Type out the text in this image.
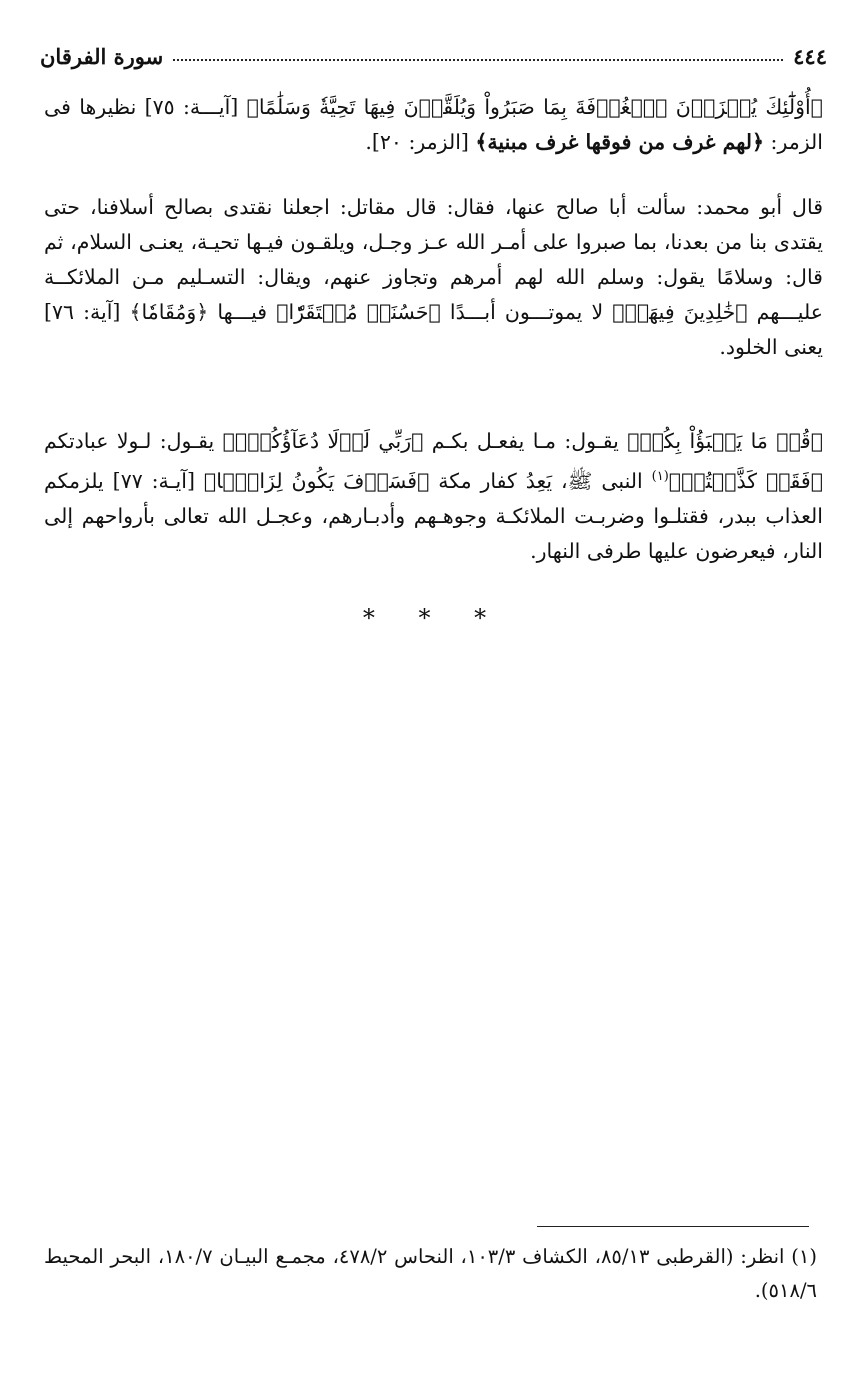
٤٤٤
سورة الفرقان

﴿أُوْلَٰٓئِكَ يُجۡزَوۡنَ ٱلۡغُرۡفَةَ بِمَا صَبَرُواْ وَيُلَقَّوۡنَ فِيهَا تَحِيَّةٗ وَسَلَٰمًا﴾ [آيـــة: ٧٥] نظيرها فى الزمر: ﴿لهم غرف من فوقها غرف مبنية﴾ [الزمر: ٢٠].

قال أبو محمد: سألت أبا صالح عنها، فقال: قال مقاتل: اجعلنا نقتدى بصالح أسلافنا، حتى يقتدى بنا من بعدنا، بما صبروا على أمـر الله عـز وجـل، ويلقـون فيـها تحيـة، يعنـى السلام، ثم قال: وسلامًا يقول: وسلم الله لهم أمرهم وتجاوز عنهم، ويقال: التسـليم مـن الملائكــة عليـــهم ﴿خَٰلِدِينَ فِيهَاۚ﴾ لا يموتـــون أبـــدًا ﴿حَسُنَتۡ مُسۡتَقَرّٗا﴾ فيـــها ﴿وَمُقَامٗا﴾ [آية: ٧٦] يعنى الخلود.

﴿قُلۡ مَا يَعۡبَؤُاْ بِكُمۡ﴾ يقـول: مـا يفعـل بكـم ﴿رَبِّي لَوۡلَا دُعَآؤُكُمۡۖ﴾ يقـول: لـولا عبادتكم ﴿فَقَدۡ كَذَّبۡتُمۡ﴾$^{(١)}$ النبى ﷺ، يَعِدُ كفار مكة ﴿فَسَوۡفَ يَكُونُ لِزَامَۢا﴾ [آيـة: ٧٧] يلزمكم العذاب ببدر، فقتلـوا وضربـت الملائكـة وجوهـهم وأدبـارهم، وعجـل الله تعالى بأرواحهم إلى النار، فيعرضون عليها طرفى النهار.

* * *

(١) انظر: (القرطبى ٨٥/١٣، الكشاف ١٠٣/٣، النحاس ٤٧٨/٢، مجمـع البيـان ١٨٠/٧، البحر المحيط ٥١٨/٦).
